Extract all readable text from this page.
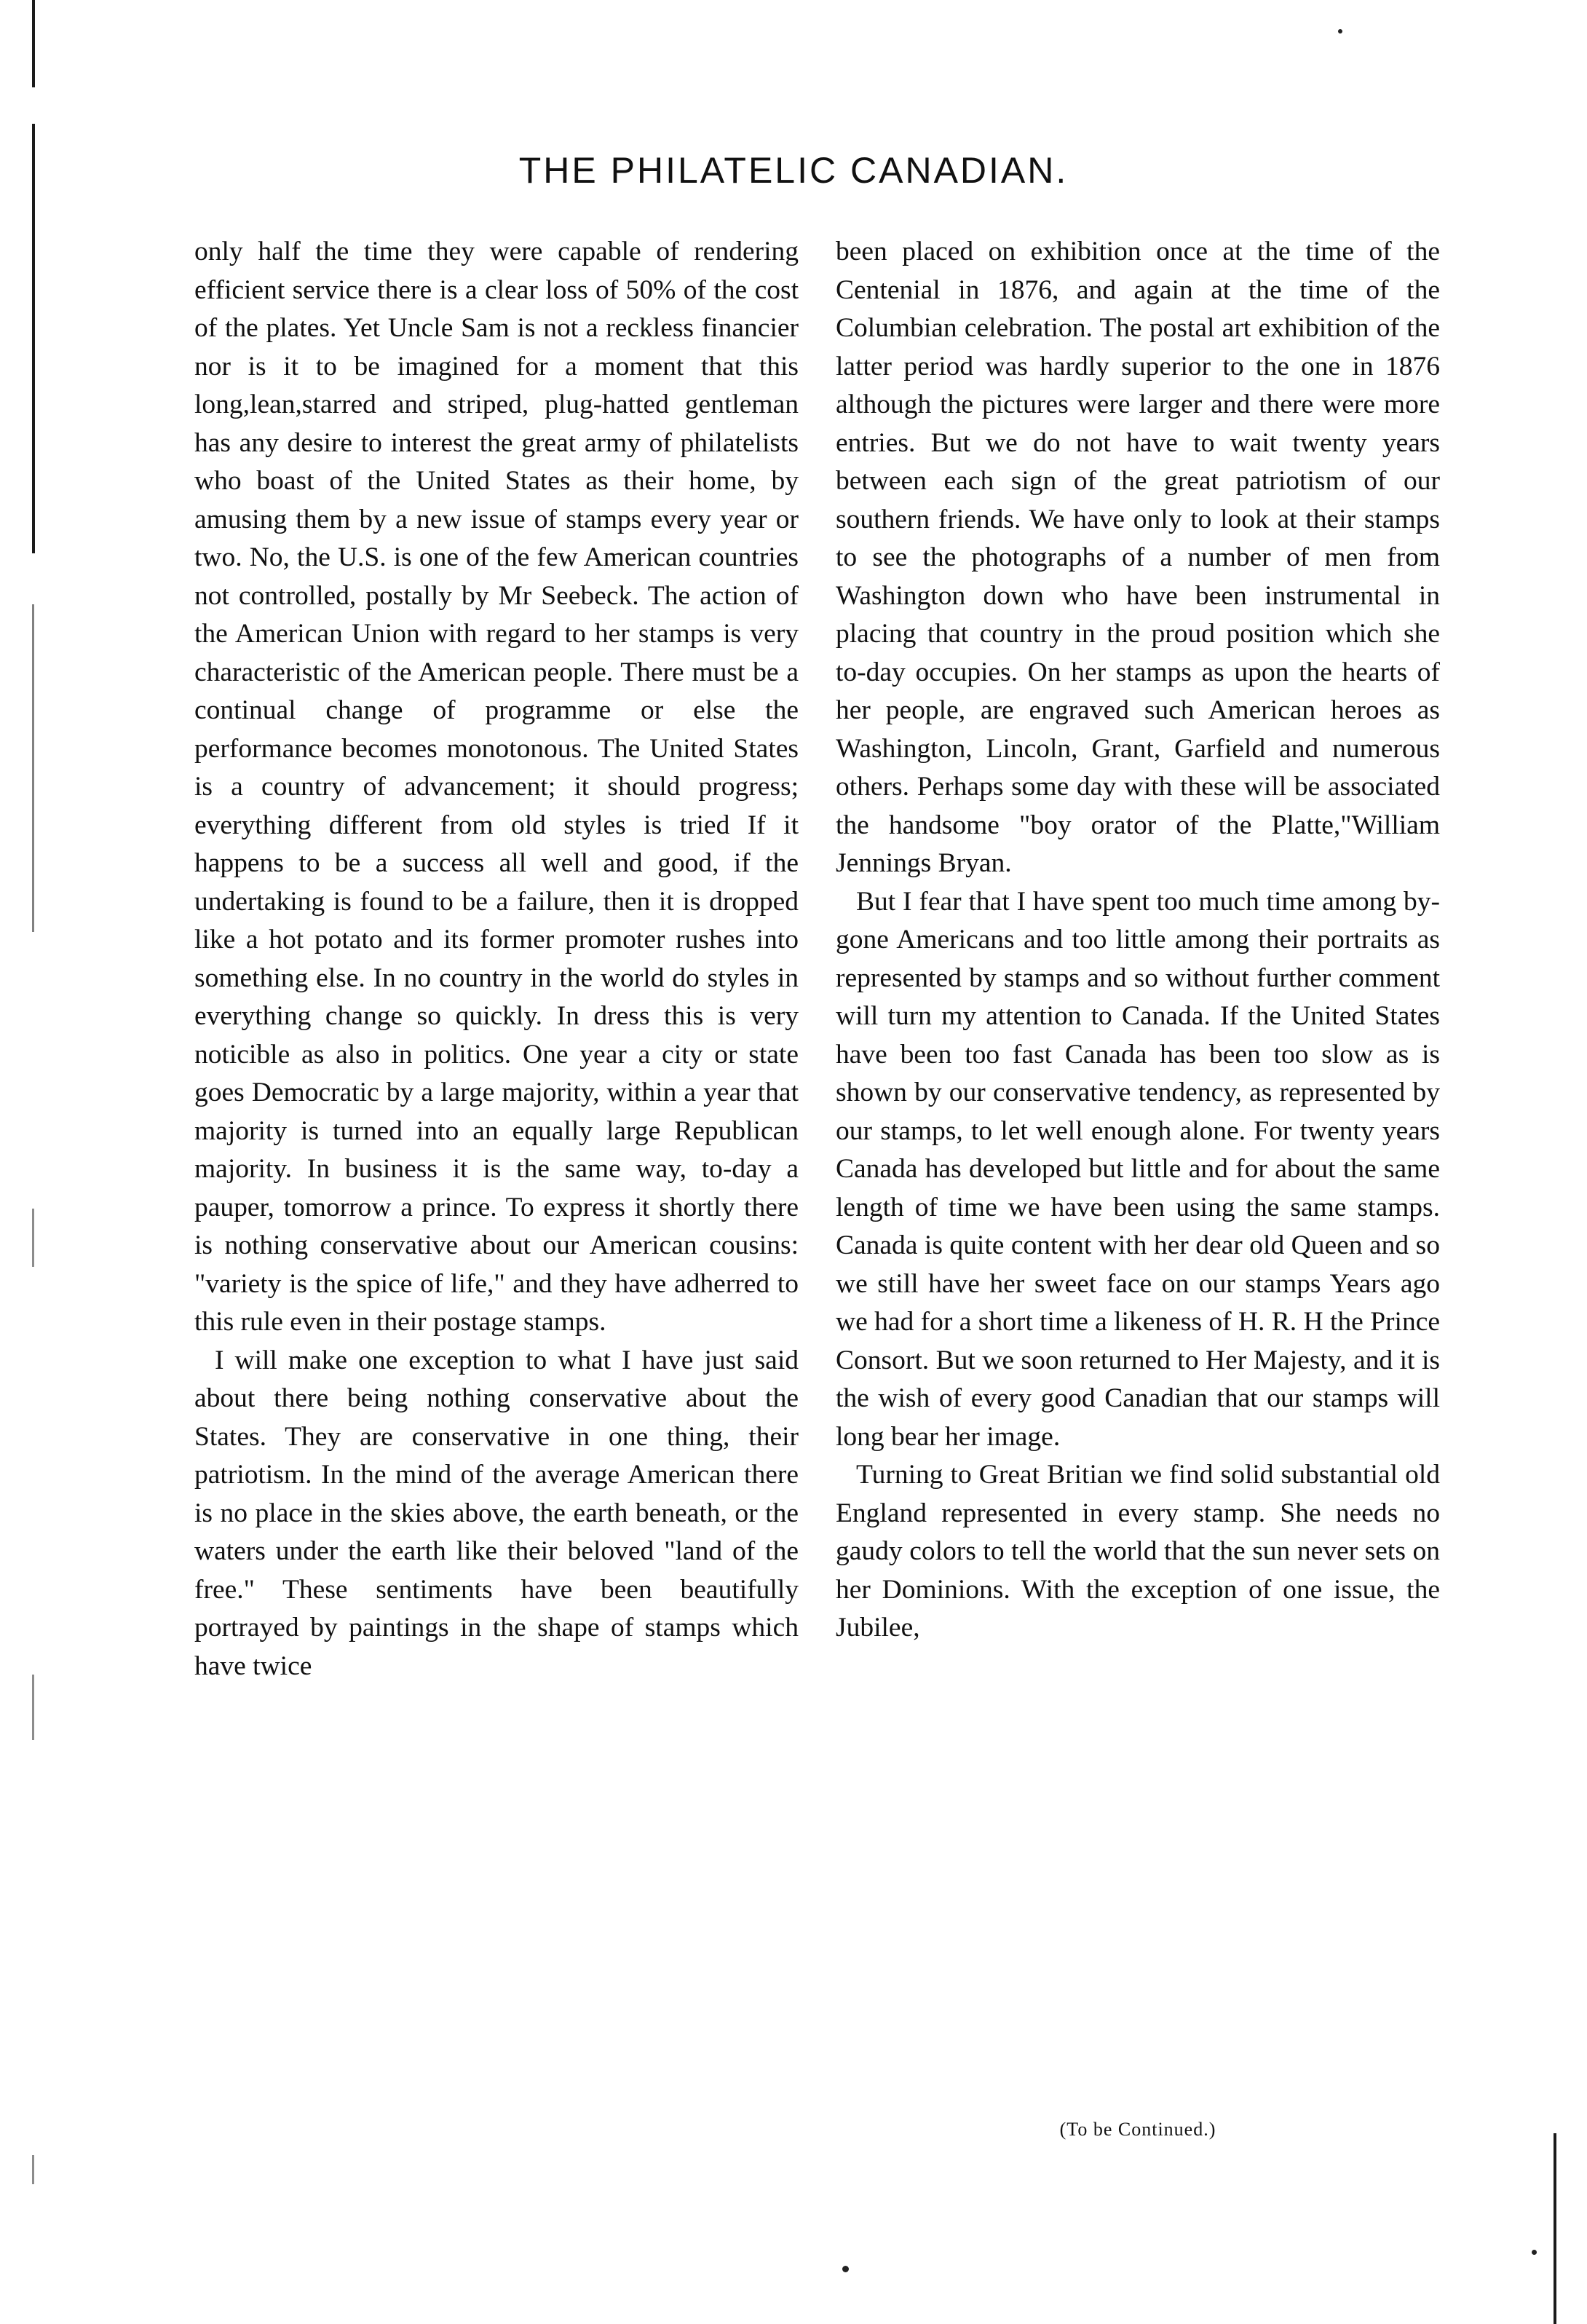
THE PHILATELIC CANADIAN.

only half the time they were capable of rendering efficient service there is a clear loss of 50% of the cost of the plates. Yet Uncle Sam is not a reckless financier nor is it to be imagined for a moment that this long,lean,starred and striped, plug-hatted gentleman has any desire to interest the great army of philatelists who boast of the United States as their home, by amusing them by a new issue of stamps every year or two. No, the U.S. is one of the few American countries not controlled, postally by Mr Seebeck. The action of the American Union with regard to her stamps is very characteristic of the American people. There must be a continual change of programme or else the performance becomes monotonous. The United States is a country of advancement; it should progress; everything different from old styles is tried If it happens to be a success all well and good, if the undertaking is found to be a failure, then it is dropped like a hot potato and its former promoter rushes into something else. In no country in the world do styles in everything change so quickly. In dress this is very noticible as also in politics. One year a city or state goes Democratic by a large majority, within a year that majority is turned into an equally large Republican majority. In business it is the same way, to-day a pauper, tomorrow a prince. To express it shortly there is nothing conservative about our American cousins: "variety is the spice of life," and they have adherred to this rule even in their postage stamps.

I will make one exception to what I have just said about there being nothing conservative about the States. They are conservative in one thing, their patriotism. In the mind of the average American there is no place in the skies above, the earth beneath, or the waters under the earth like their beloved "land of the free." These sentiments have been beautifully portrayed by paintings in the shape of stamps which have twice

been placed on exhibition once at the time of the Centenial in 1876, and again at the time of the Columbian celebration. The postal art exhibition of the latter period was hardly superior to the one in 1876 although the pictures were larger and there were more entries. But we do not have to wait twenty years between each sign of the great patriotism of our southern friends. We have only to look at their stamps to see the photographs of a number of men from Washington down who have been instrumental in placing that country in the proud position which she to-day occupies. On her stamps as upon the hearts of her people, are engraved such American heroes as Washington, Lincoln, Grant, Garfield and numerous others. Perhaps some day with these will be associated the handsome "boy orator of the Platte,"William Jennings Bryan.

But I fear that I have spent too much time among by-gone Americans and too little among their portraits as represented by stamps and so without further comment will turn my attention to Canada. If the United States have been too fast Canada has been too slow as is shown by our conservative tendency, as represented by our stamps, to let well enough alone. For twenty years Canada has developed but little and for about the same length of time we have been using the same stamps. Canada is quite content with her dear old Queen and so we still have her sweet face on our stamps Years ago we had for a short time a likeness of H. R. H the Prince Consort. But we soon returned to Her Majesty, and it is the wish of every good Canadian that our stamps will long bear her image.

Turning to Great Britian we find solid substantial old England represented in every stamp. She needs no gaudy colors to tell the world that the sun never sets on her Dominions. With the exception of one issue, the Jubilee,

(To be Continued.)
